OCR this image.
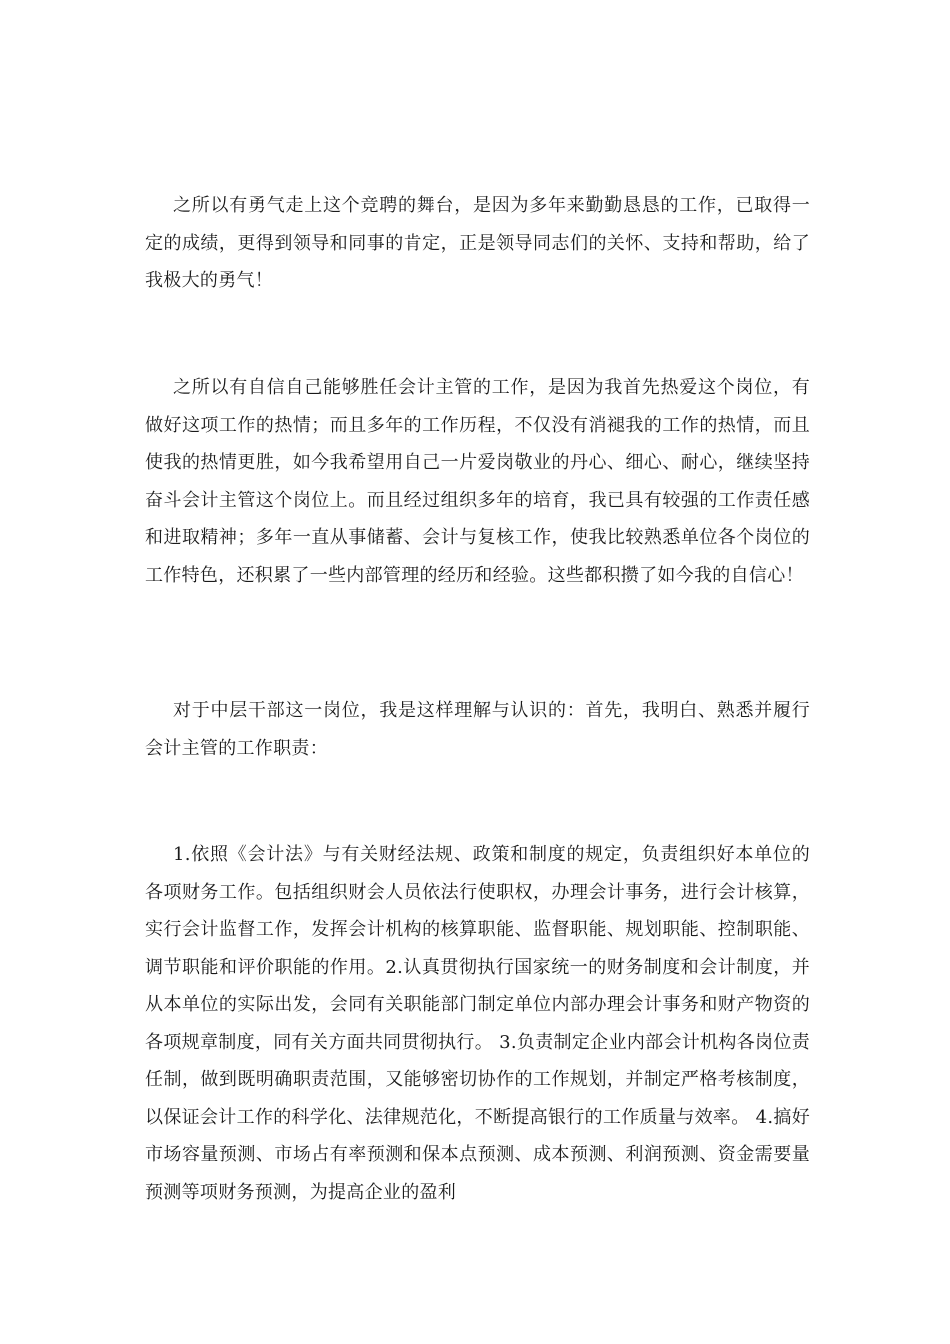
之所以有勇气走上这个竞聘的舞台，是因为多年来勤勤恳恳的工作，已取得一定的成绩，更得到领导和同事的肯定，正是领导同志们的关怀、支持和帮助，给了我极大的勇气！

之所以有自信自己能够胜任会计主管的工作，是因为我首先热爱这个岗位，有做好这项工作的热情；而且多年的工作历程，不仅没有消褪我的工作的热情，而且使我的热情更胜，如今我希望用自己一片爱岗敬业的丹心、细心、耐心，继续坚持奋斗会计主管这个岗位上。而且经过组织多年的培育，我已具有较强的工作责任感和进取精神；多年一直从事储蓄、会计与复核工作，使我比较熟悉单位各个岗位的工作特色，还积累了一些内部管理的经历和经验。这些都积攒了如今我的自信心！

对于中层干部这一岗位，我是这样理解与认识的：首先，我明白、熟悉并履行会计主管的工作职责：

1.依照《会计法》与有关财经法规、政策和制度的规定，负责组织好本单位的各项财务工作。包括组织财会人员依法行使职权，办理会计事务，进行会计核算，实行会计监督工作，发挥会计机构的核算职能、监督职能、规划职能、控制职能、调节职能和评价职能的作用。2.认真贯彻执行国家统一的财务制度和会计制度，并从本单位的实际出发，会同有关职能部门制定单位内部办理会计事务和财产物资的各项规章制度，同有关方面共同贯彻执行。 3.负责制定企业内部会计机构各岗位责任制，做到既明确职责范围，又能够密切协作的工作规划，并制定严格考核制度，以保证会计工作的科学化、法律规范化，不断提高银行的工作质量与效率。 4.搞好市场容量预测、市场占有率预测和保本点预测、成本预测、利润预测、资金需要量预测等项财务预测，为提高企业的盈利
